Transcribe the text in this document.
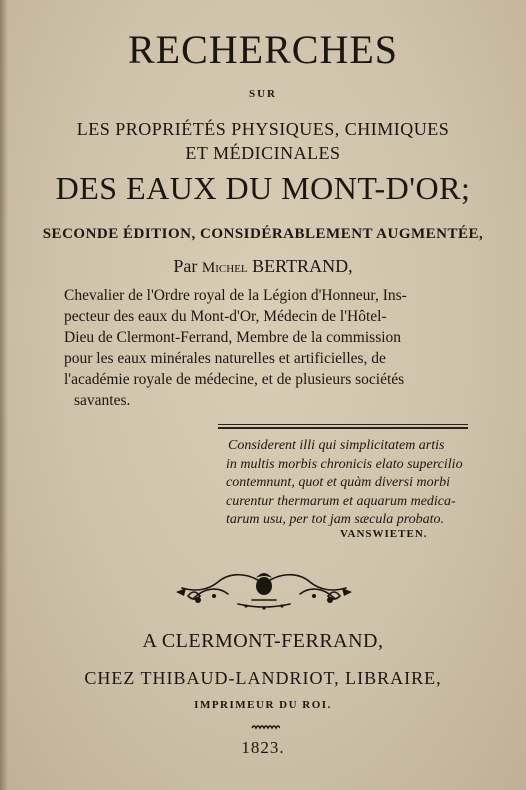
RECHERCHES
SUR
LES PROPRIÉTÉS PHYSIQUES, CHIMIQUES
ET MÉDICINALES
DES EAUX DU MONT-D'OR;
SECONDE ÉDITION, CONSIDÉRABLEMENT AUGMENTÉE,
Par Michel BERTRAND,
Chevalier de l'Ordre royal de la Légion d'Honneur, Ins-
pecteur des eaux du Mont-d'Or, Médecin de l'Hôtel-
Dieu de Clermont-Ferrand, Membre de la commission
pour les eaux minérales naturelles et artificielles, de
l'académie royale de médecine, et de plusieurs sociétés
savantes.
Considerent illi qui simplicitatem artis
in multis morbis chronicis elato supercilio
contemnunt, quot et quàm diversi morbi
curentur thermarum et aquarum medica-
tarum usu, per tot jam sæcula probato.
VANSWIETEN.
A CLERMONT-FERRAND,
CHEZ THIBAUD-LANDRIOT, LIBRAIRE,
IMPRIMEUR DU ROI.
1823.
